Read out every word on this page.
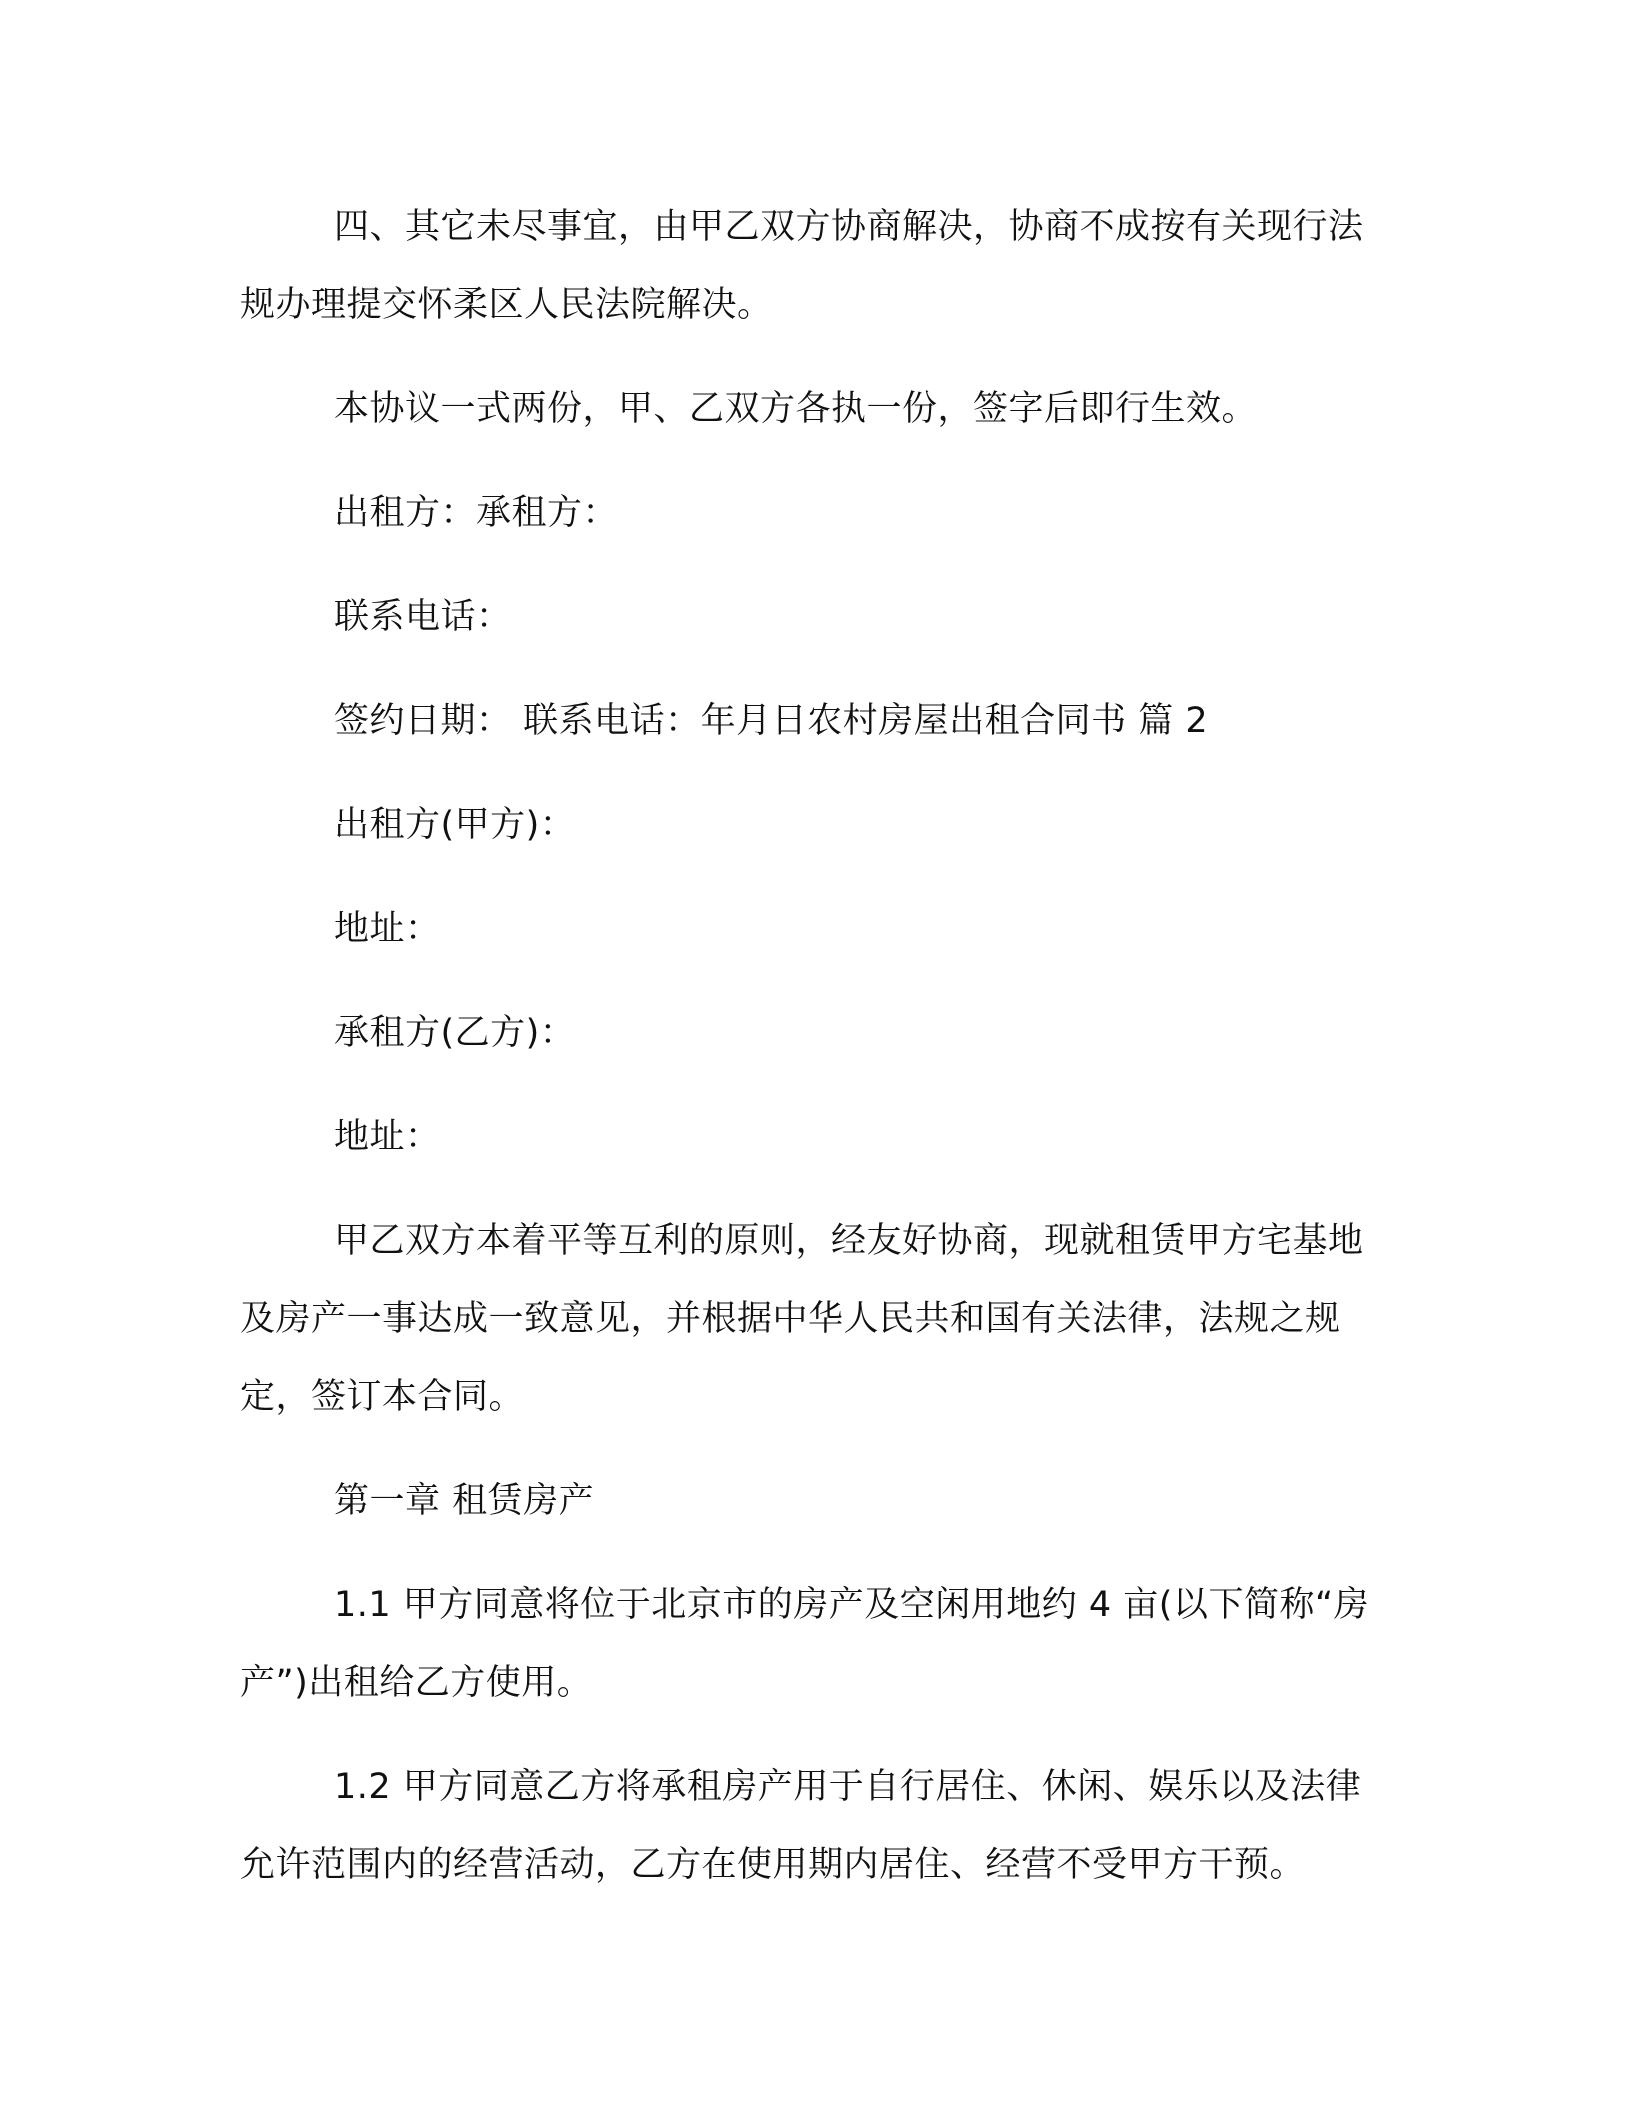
四、其它未尽事宜，由甲乙双方协商解决，协商不成按有关现行法规办理提交怀柔区人民法院解决。

本协议一式两份，甲、乙双方各执一份，签字后即行生效。

出租方：承租方：

联系电话：

签约日期： 联系电话：年月日农村房屋出租合同书 篇 2

出租方(甲方)：

地址：

承租方(乙方)：

地址：

甲乙双方本着平等互利的原则，经友好协商，现就租赁甲方宅基地及房产一事达成一致意见，并根据中华人民共和国有关法律，法规之规定，签订本合同。

第一章 租赁房产

1.1 甲方同意将位于北京市的房产及空闲用地约 4 亩(以下简称“房产”)出租给乙方使用。

1.2 甲方同意乙方将承租房产用于自行居住、休闲、娱乐以及法律允许范围内的经营活动，乙方在使用期内居住、经营不受甲方干预。
